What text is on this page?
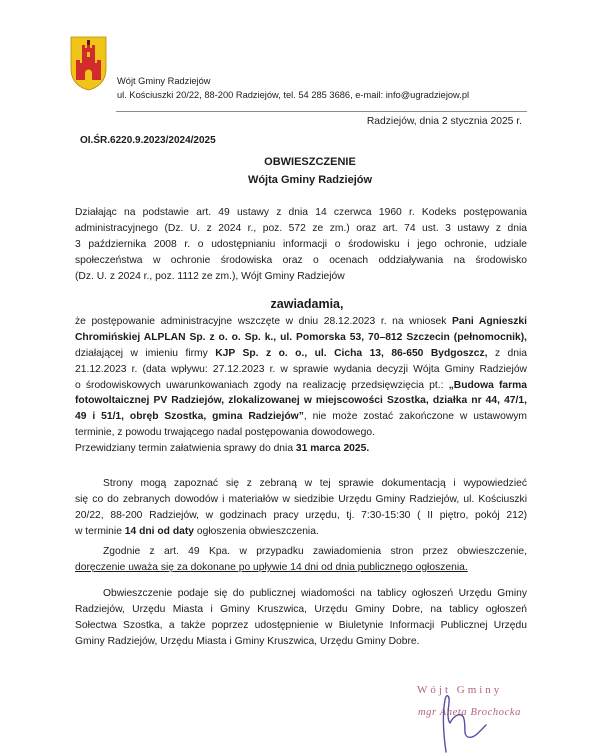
Wójt Gminy Radziejów
ul. Kościuszki 20/22, 88-200 Radziejów, tel. 54 285 3686, e-mail: info@ugradziejow.pl
Radziejów, dnia 2 stycznia 2025 r.
OI.ŚR.6220.9.2023/2024/2025
OBWIESZCZENIE
Wójta Gminy Radziejów
Działając na podstawie art. 49 ustawy z dnia 14 czerwca 1960 r. Kodeks postępowania
administracyjnego (Dz. U. z 2024 r., poz. 572 ze zm.) oraz art. 74 ust. 3 ustawy z dnia
3 października 2008 r. o udostępnianiu informacji o środowisku i jego ochronie, udziale
społeczeństwa w ochronie środowiska oraz o ocenach oddziaływania na środowisko
(Dz. U. z 2024 r., poz. 1112 ze zm.), Wójt Gminy Radziejów
zawiadamia,
że postępowanie administracyjne wszczęte w dniu 28.12.2023 r. na wniosek Pani Agnieszki
Chromińskiej ALPLAN Sp. z o. o. Sp. k., ul. Pomorska 53, 70–812 Szczecin (pełnomocnik),
działającej w imieniu firmy KJP Sp. z o. o., ul. Cicha 13, 86-650 Bydgoszcz, z dnia
21.12.2023 r. (data wpływu: 27.12.2023 r. w sprawie wydania decyzji Wójta Gminy Radziejów
o środowiskowych uwarunkowaniach zgody na realizację przedsięwzięcia pt.: „Budowa farma
fotowoltaicznej PV Radziejów, zlokalizowanej w miejscowości Szostka, działka nr 44, 47/1,
49 i 51/1, obręb Szostka, gmina Radziejów”, nie może zostać zakończone w ustawowym
terminie, z powodu trwającego nadal postępowania dowodowego.
Przewidziany termin załatwienia sprawy do dnia 31 marca 2025.
Strony mogą zapoznać się z zebraną w tej sprawie dokumentacją i wypowiedzieć
się co do zebranych dowodów i materiałów w siedzibie Urzędu Gminy Radziejów, ul. Kościuszki
20/22, 88-200 Radziejów, w godzinach pracy urzędu, tj. 7:30-15:30 ( II piętro, pokój 212)
w terminie 14 dni od daty ogłoszenia obwieszczenia.
Zgodnie z art. 49 Kpa. w przypadku zawiadomienia stron przez obwieszczenie,
doręczenie uważa się za dokonane po upływie 14 dni od dnia publicznego ogłoszenia.
Obwieszczenie podaje się do publicznej wiadomości na tablicy ogłoszeń Urzędu Gminy
Radziejów, Urzędu Miasta i Gminy Kruszwica, Urzędu Gminy Dobre, na tablicy ogłoszeń
Sołectwa Szostka, a także poprzez udostępnienie w Biuletynie Informacji Publicznej Urzędu
Gminy Radziejów, Urzędu Miasta i Gminy Kruszwica, Urzędu Gminy Dobre.
Wójt Gminy
mgr Aneta Brochocka
